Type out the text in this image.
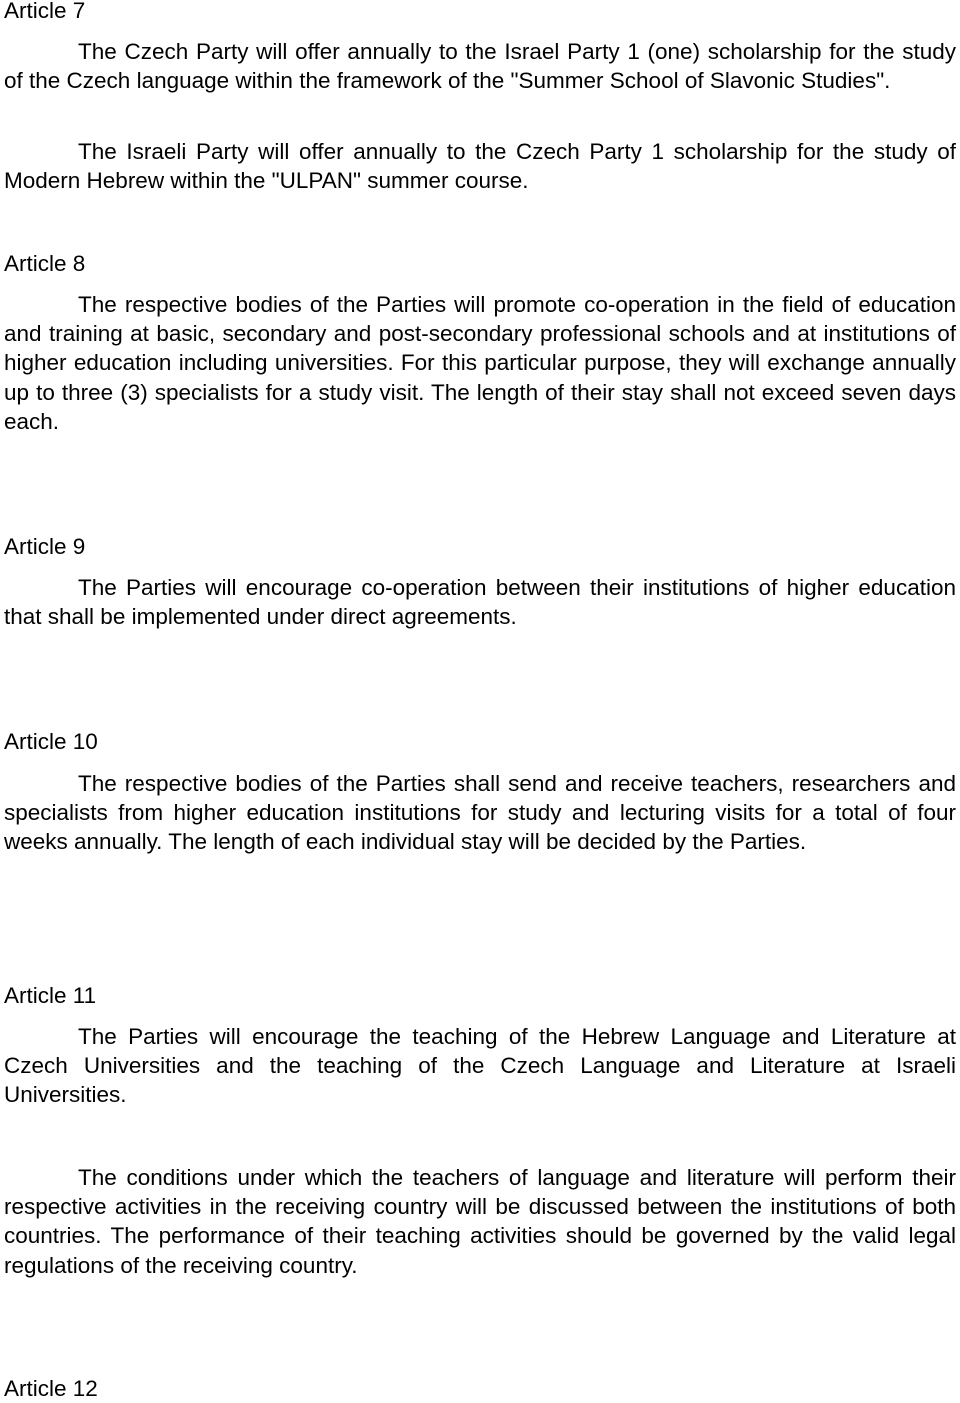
Article 7

The Czech Party will offer annually to the Israel Party 1 (one) scholarship for the study of the Czech language within the framework of the "Summer School of Slavonic Studies".

The Israeli Party will offer annually to the Czech Party 1 scholarship for the study of Modern Hebrew within the "ULPAN" summer course.

Article 8

The respective bodies of the Parties will promote co-operation in the field of education and training at basic, secondary and post-secondary professional schools and at institutions of higher education including universities. For this particular purpose, they will exchange annually up to three (3) specialists for a study visit. The length of their stay shall not exceed seven days each.

Article 9

The Parties will encourage co-operation between their institutions of higher education that shall be implemented under direct agreements.

Article 10

The respective bodies of the Parties shall send and receive teachers, researchers and specialists from higher education institutions for study and lecturing visits for a total of four weeks annually. The length of each individual stay will be decided by the Parties.

Article 11

The Parties will encourage the teaching of the Hebrew Language and Literature at Czech Universities and the teaching of the Czech Language and Literature at Israeli Universities.

The conditions under which the teachers of language and literature will perform their respective activities in the receiving country will be discussed between the institutions of both countries. The performance of their teaching activities should be governed by the valid legal regulations of the receiving country.

Article 12
